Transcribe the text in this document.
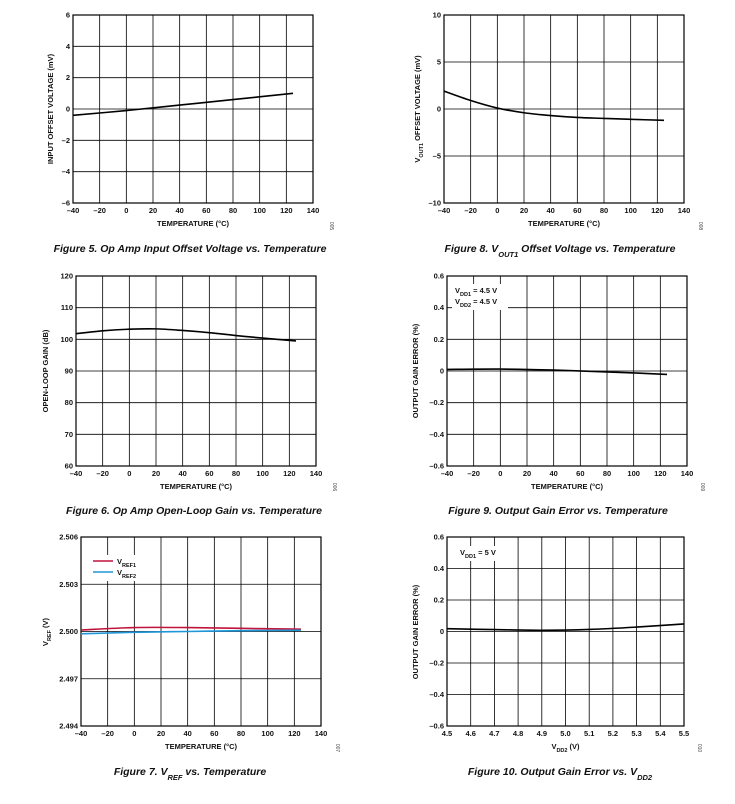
–40 –20 0	20 40 60 80 100 120 140
–6
–4
–2
0
2
4
6
TEMPERATURE (°C)
INPUT OFFSET VOLTAGE (mV)
Figure 5. Op Amp Input Offset Voltage vs. Temperature
005
–40 –20 0	20 40 60 80 100 120 140
–10
–5
0
5
10
TEMPERATURE (°C)
$V_{OUT1}$ OFFSET VOLTAGE (mV)
Figure 8. $V_{OUT1}$ Offset Voltage vs. Temperature
008
–40 –20 0	20 40 60 80 100 120 140
60
70
80
90
100
110
120
TEMPERATURE (°C)
OPEN-LOOP GAIN (dB)
Figure 6. Op Amp Open-Loop Gain vs. Temperature
006
–40 –20 0	20 40 60 80 100 120 140
–0.6
–0.4
–0.2
0
0.2
0.4
0.6
TEMPERATURE (°C)
OUTPUT GAIN ERROR (%)
$V_{DD1} = 4.5$ V
$V_{DD2} = 4.5$ V
Figure 9. Output Gain Error vs. Temperature
009
–40 –20 0	20 40 60 80 100 120 140
2.494
2.497
2.500
2.503
2.506
TEMPERATURE (°C)
$V_{REF}$ (V)
$V_{REF1}$
$V_{REF2}$
Figure 7. $V_{REF}$ vs. Temperature
007
4.5 4.6 4.7 4.8 4.9 5.0 5.1 5.2 5.3 5.4 5.5
–0.6
–0.4
–0.2
0
0.2
0.4
0.6
$V_{DD2}$ (V)
OUTPUT GAIN ERROR (%)
$V_{DD1} = 5$ V
Figure 10. Output Gain Error vs. $V_{DD2}$
010
